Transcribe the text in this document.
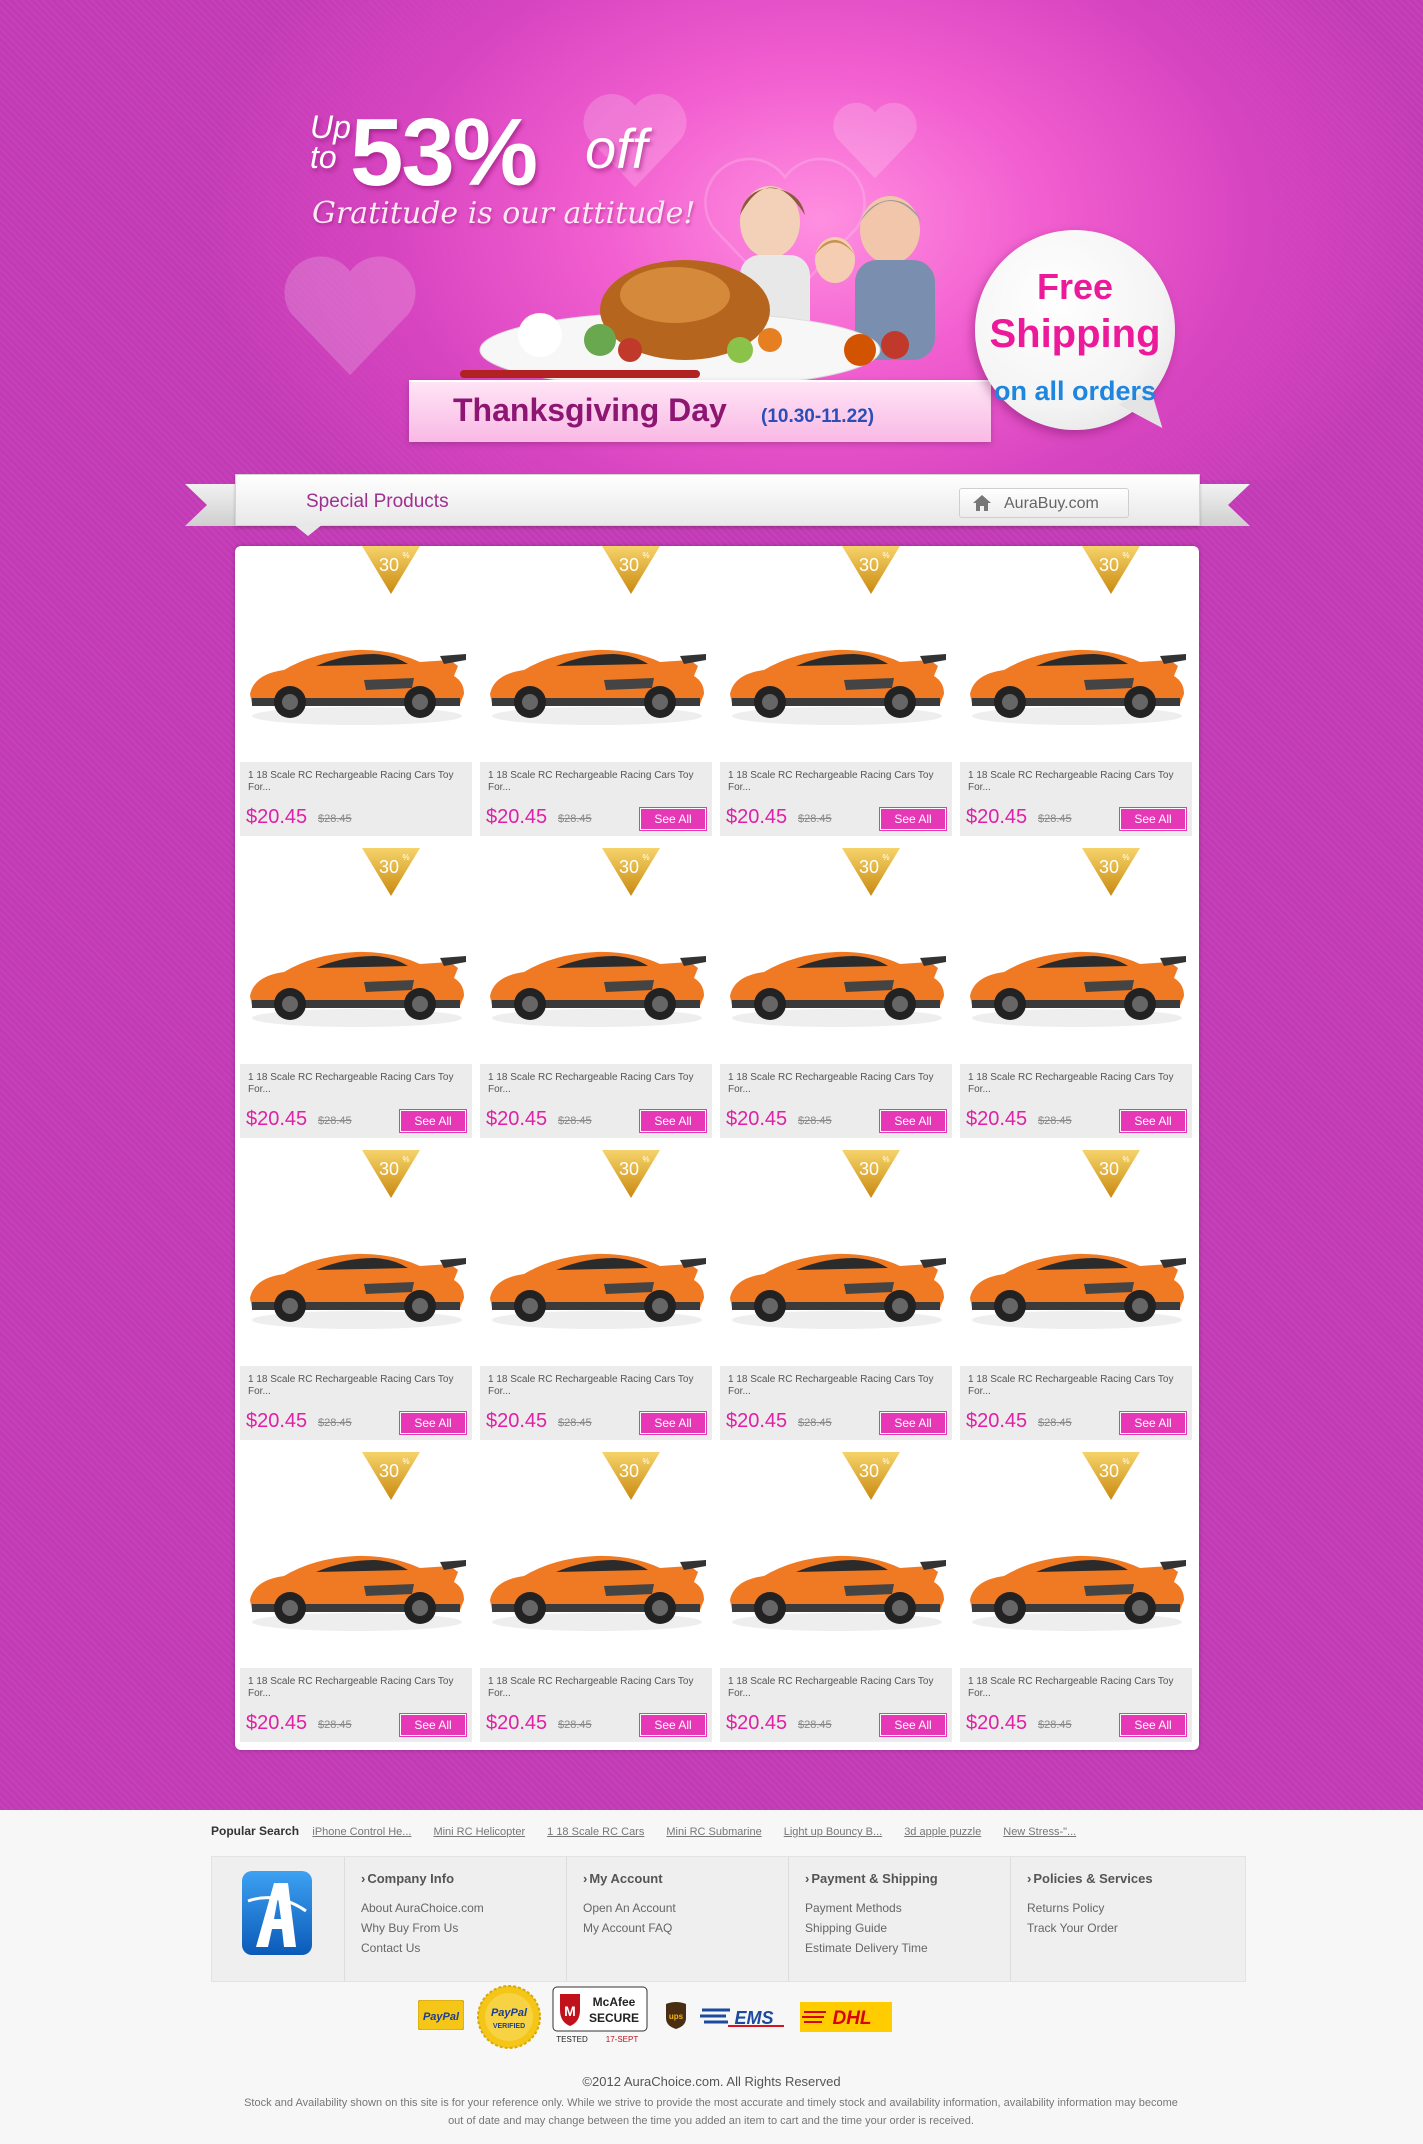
Up to 53% off
Gratitude is our attitude!
Thanksgiving Day (10.30-11.22)
Free
Shipping
on all orders
Special Products	AuraBuy.com
30 %
1 18 Scale RC Rechargeable Racing Cars Toy For...
$20.45 $28.45
30 %
1 18 Scale RC Rechargeable Racing Cars Toy For...
$20.45 $28.45	See All
30 %
1 18 Scale RC Rechargeable Racing Cars Toy For...
$20.45 $28.45	See All
30 %
1 18 Scale RC Rechargeable Racing Cars Toy For...
$20.45 $28.45	See All
30 %
1 18 Scale RC Rechargeable Racing Cars Toy For...
$20.45 $28.45	See All
30 %
1 18 Scale RC Rechargeable Racing Cars Toy For...
$20.45 $28.45	See All
30 %
1 18 Scale RC Rechargeable Racing Cars Toy For...
$20.45 $28.45	See All
30 %
1 18 Scale RC Rechargeable Racing Cars Toy For...
$20.45 $28.45	See All
30 %
1 18 Scale RC Rechargeable Racing Cars Toy For...
$20.45 $28.45	See All
30 %
1 18 Scale RC Rechargeable Racing Cars Toy For...
$20.45 $28.45	See All
30 %
1 18 Scale RC Rechargeable Racing Cars Toy For...
$20.45 $28.45	See All
30 %
1 18 Scale RC Rechargeable Racing Cars Toy For...
$20.45 $28.45	See All
30 %
1 18 Scale RC Rechargeable Racing Cars Toy For...
$20.45 $28.45	See All
30 %
1 18 Scale RC Rechargeable Racing Cars Toy For...
$20.45 $28.45	See All
30 %
1 18 Scale RC Rechargeable Racing Cars Toy For...
$20.45 $28.45	See All
30 %
1 18 Scale RC Rechargeable Racing Cars Toy For...
$20.45 $28.45	See All
Popular Search iPhone Control He... Mini RC Helicopter 1 18 Scale RC Cars Mini RC Submarine Light up Bouncy B... 3d apple puzzle New Stress-"...
› Company Info
About AuraChoice.com
Why Buy From Us
Contact Us
› My Account
Open An Account
My Account FAQ
› Payment & Shipping
Payment Methods
Shipping Guide
Estimate Delivery Time
› Policies & Services
Returns Policy
Track Your Order
PayPal	PayPal
VERIFIED
M
McAfee
SECURE
TESTED 17-SEPT
ups	EMS	DHL
©2012 AuraChoice.com. All Rights Reserved
Stock and Availability shown on this site is for your reference only. While we strive to provide the most accurate and timely stock and availability information, availability information may become out of date and may change between the time you added an item to cart and the time your order is received.
